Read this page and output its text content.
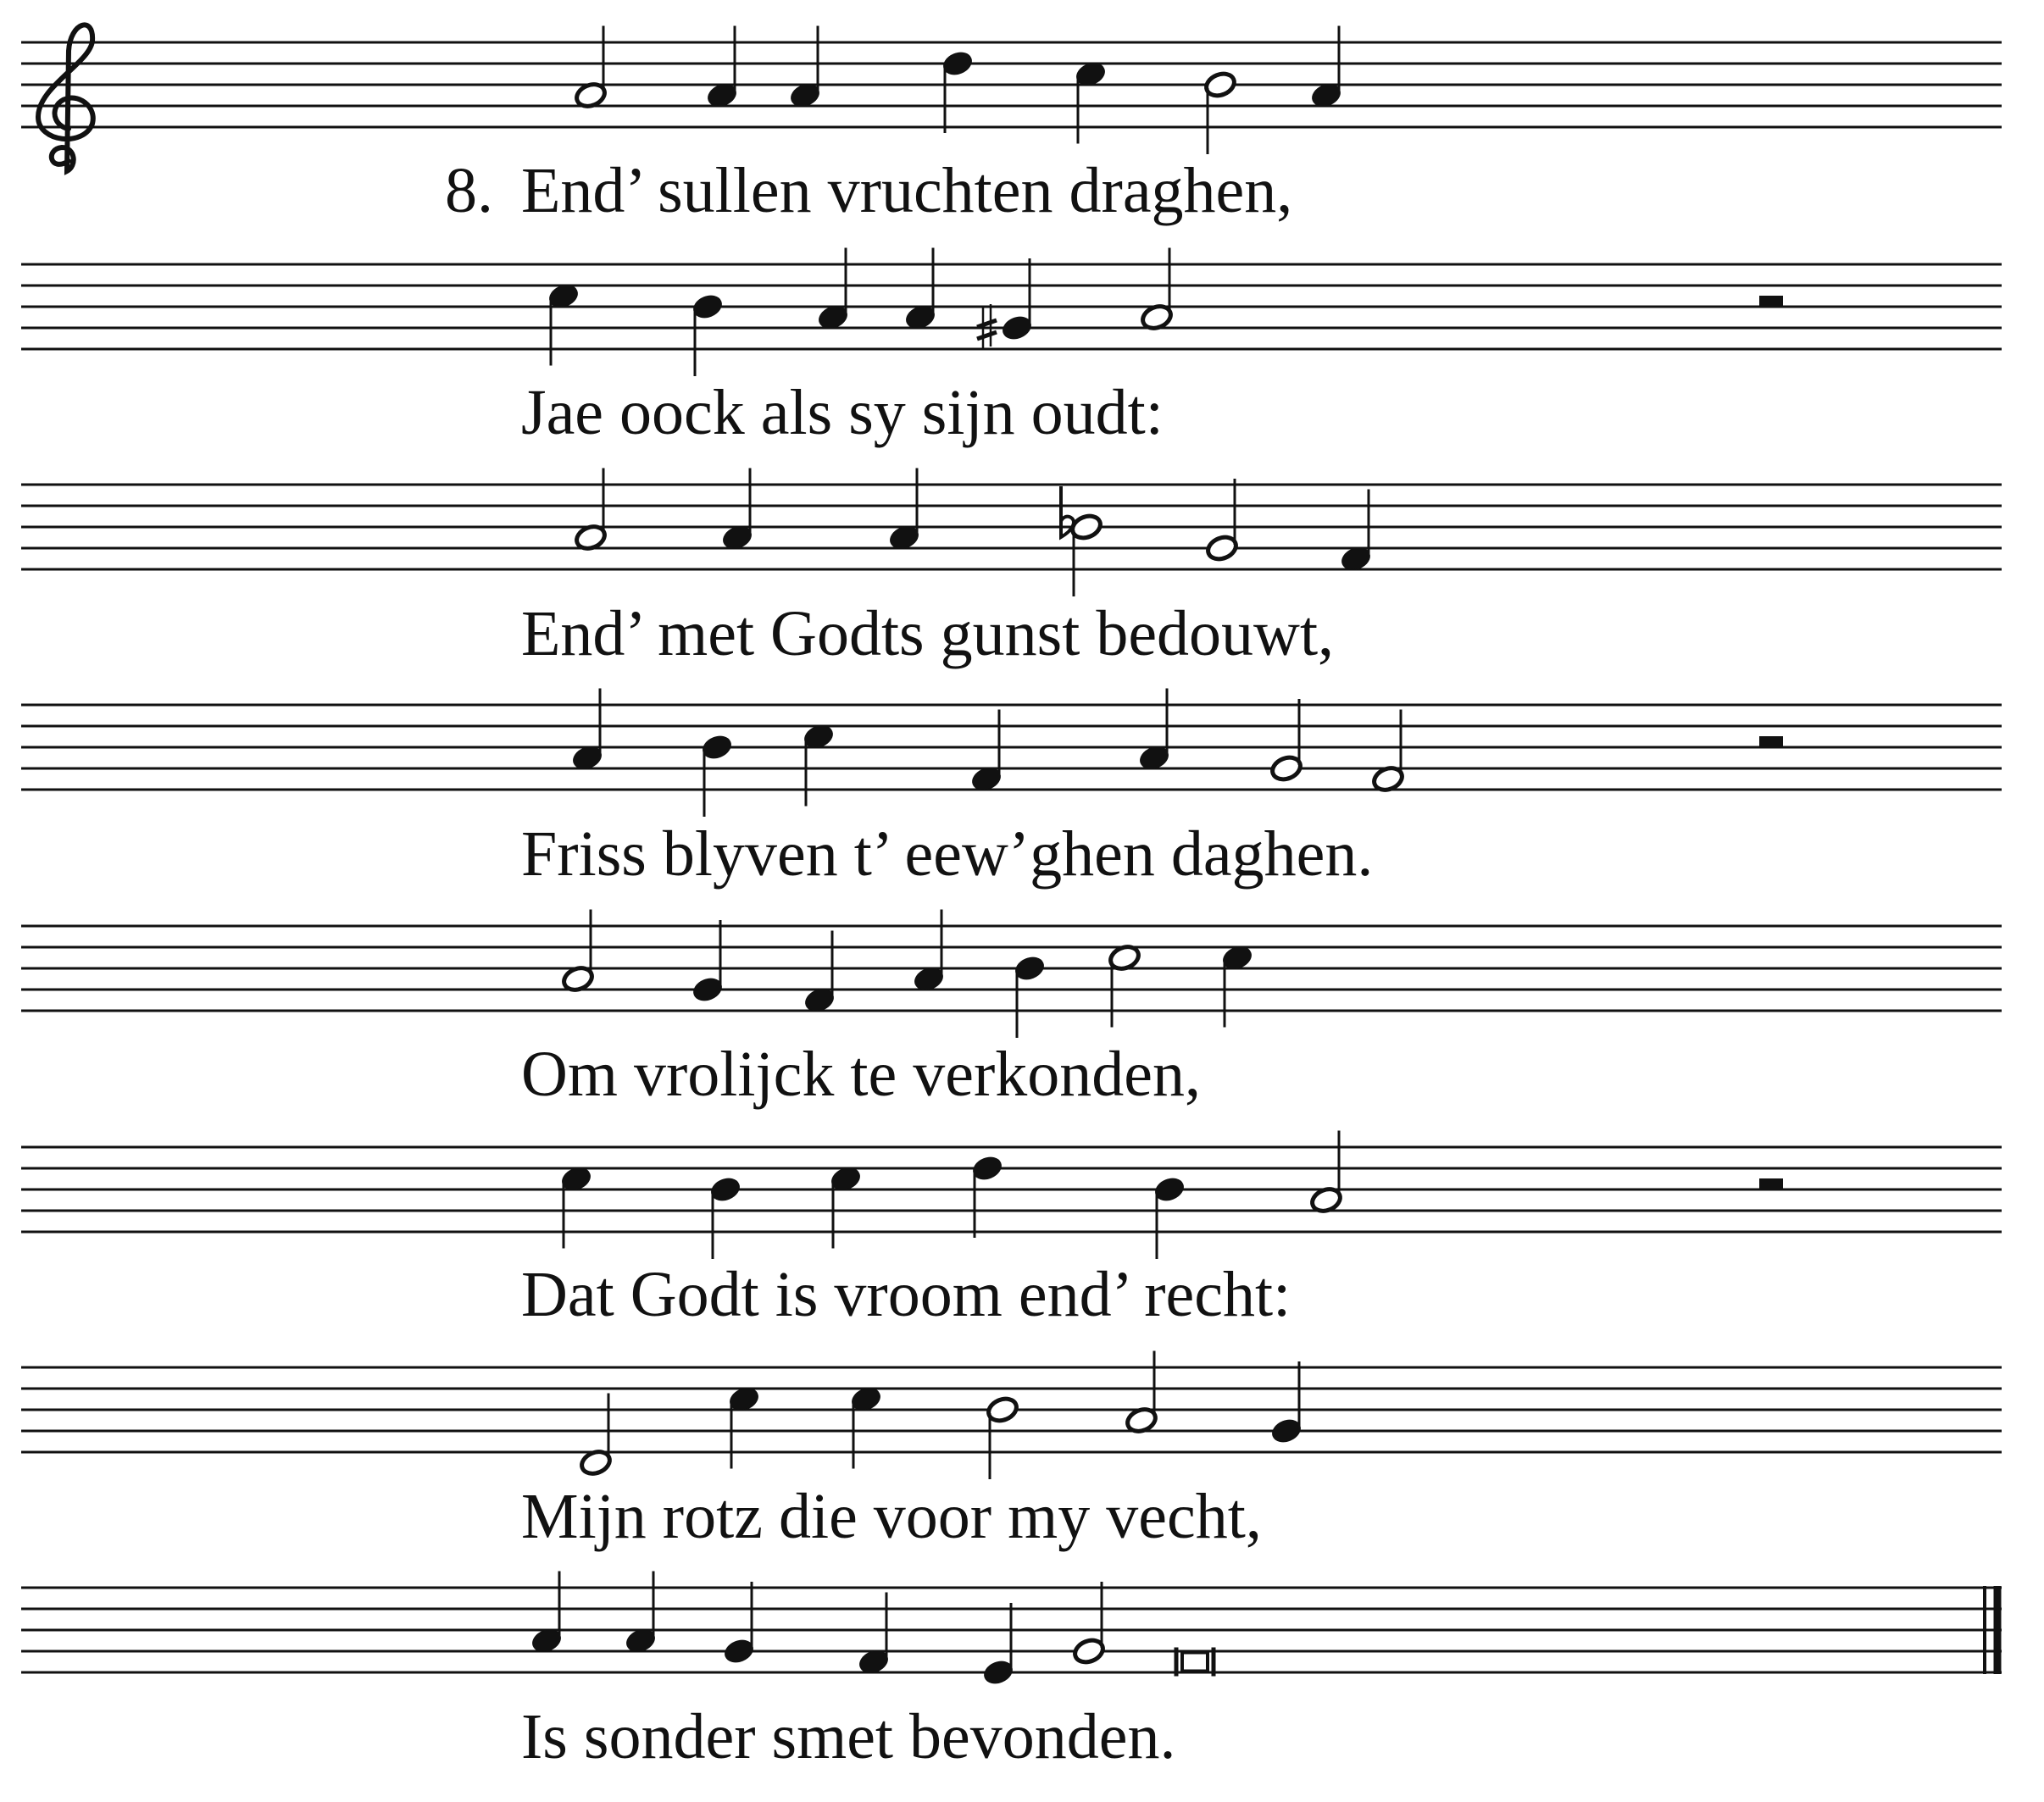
8. End’ sullen vruchten draghen,

Jae oock als sy sijn oudt:

End’ met Godts gunst bedouwt,

Friss blyven t’ eew’ghen daghen.

Om vrolijck te verkonden,

Dat Godt is vroom end’ recht:

Mijn rotz die voor my vecht,

Is sonder smet bevonden.
